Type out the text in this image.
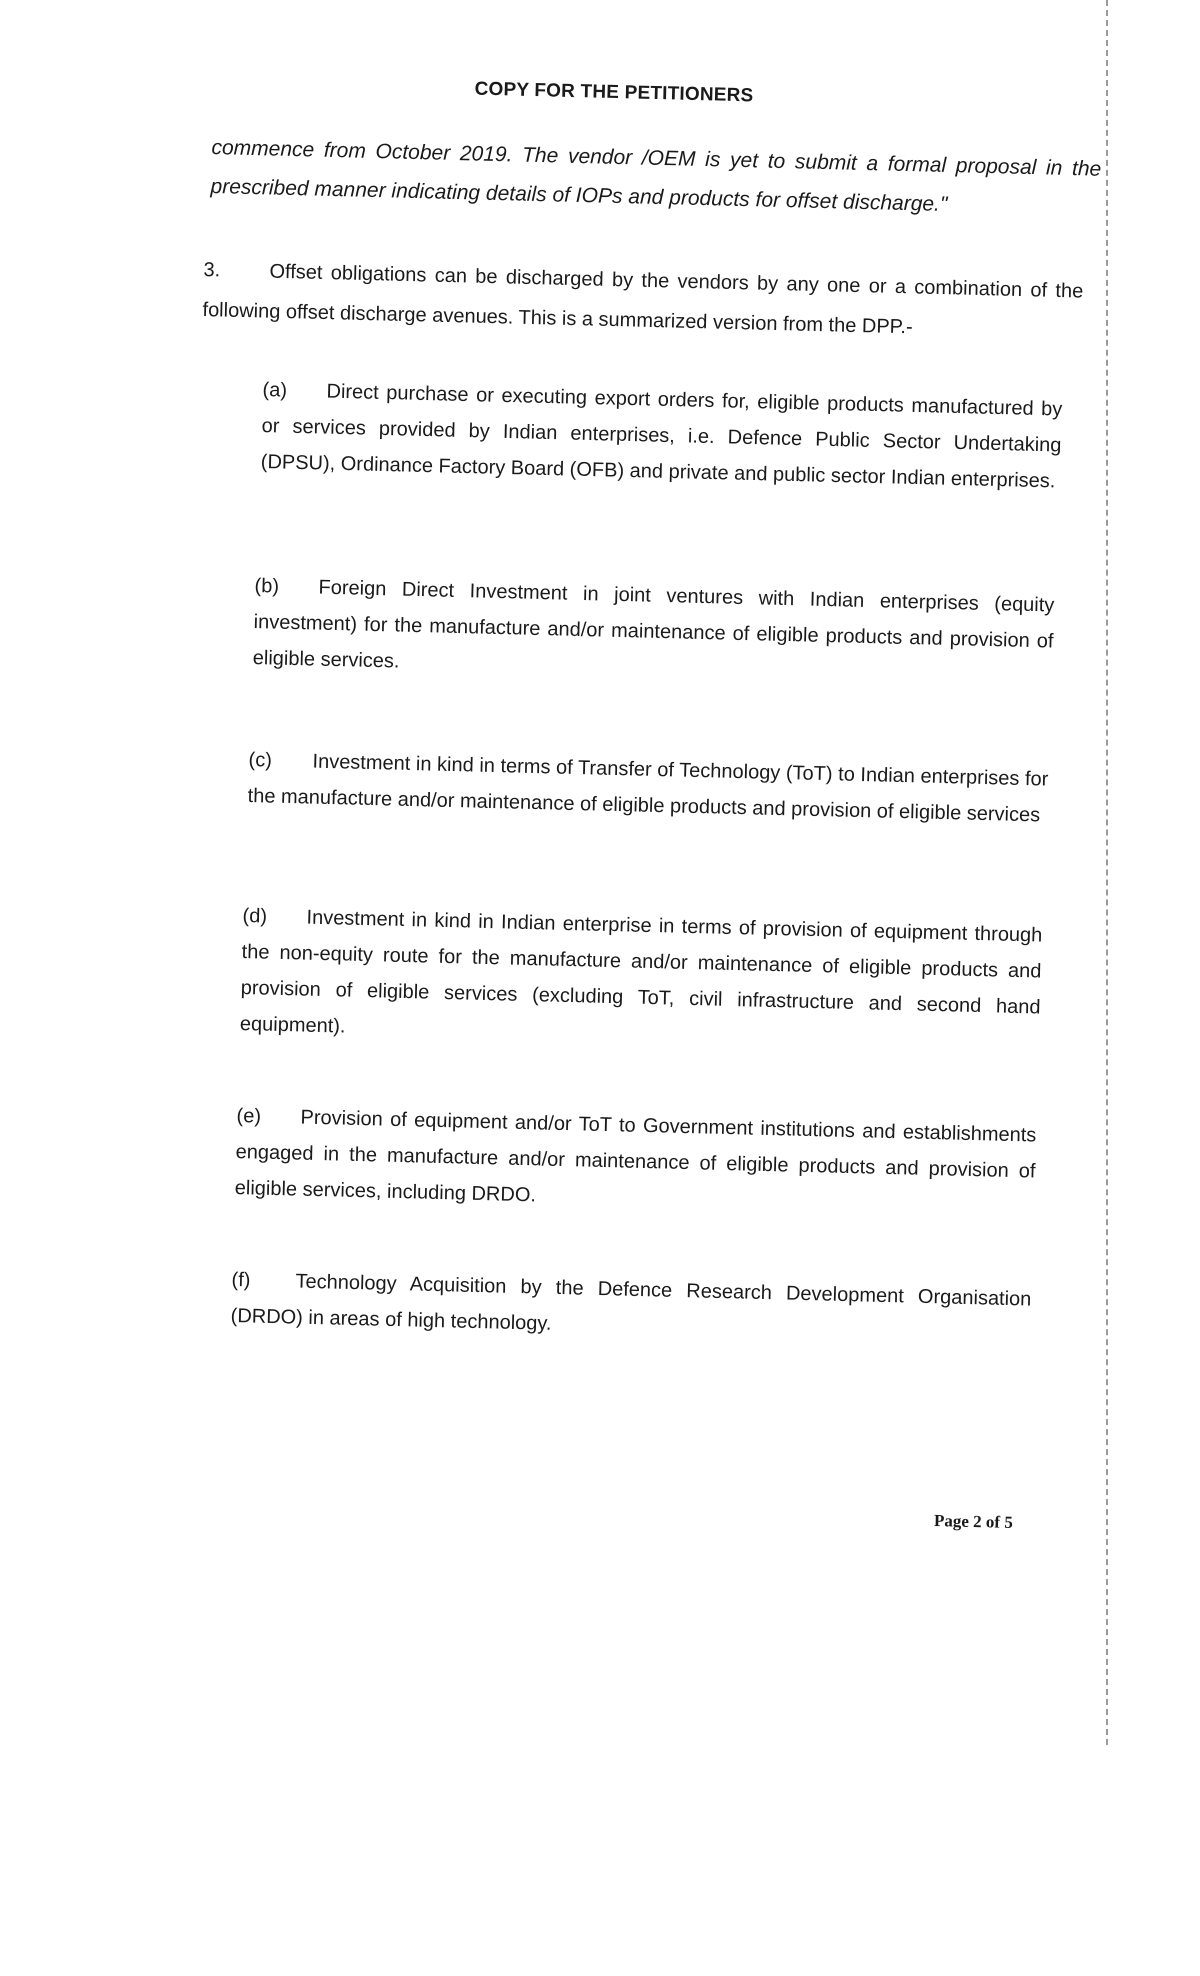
COPY FOR THE PETITIONERS
commence from October 2019. The vendor /OEM is yet to submit a formal proposal in the prescribed manner indicating details of IOPs and products for offset discharge."
3. Offset obligations can be discharged by the vendors by any one or a combination of the following offset discharge avenues. This is a summarized version from the DPP.-
(a) Direct purchase or executing export orders for, eligible products manufactured by or services provided by Indian enterprises, i.e. Defence Public Sector Undertaking (DPSU), Ordinance Factory Board (OFB) and private and public sector Indian enterprises.
(b) Foreign Direct Investment in joint ventures with Indian enterprises (equity investment) for the manufacture and/or maintenance of eligible products and provision of eligible services.
(c) Investment in kind in terms of Transfer of Technology (ToT) to Indian enterprises for the manufacture and/or maintenance of eligible products and provision of eligible services
(d) Investment in kind in Indian enterprise in terms of provision of equipment through the non-equity route for the manufacture and/or maintenance of eligible products and provision of eligible services (excluding ToT, civil infrastructure and second hand equipment).
(e) Provision of equipment and/or ToT to Government institutions and establishments engaged in the manufacture and/or maintenance of eligible products and provision of eligible services, including DRDO.
(f) Technology Acquisition by the Defence Research Development Organisation (DRDO) in areas of high technology.
Page 2 of 5
